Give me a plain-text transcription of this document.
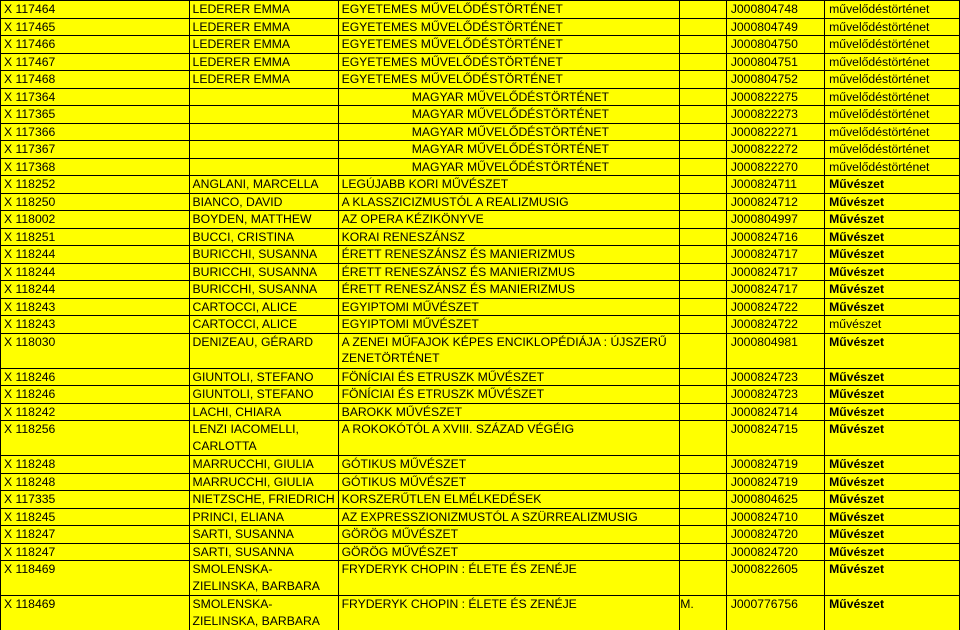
X 117464	LEDERER EMMA	EGYETEMES MŰVELŐDÉSTÖRTÉNET		J000804748	művelődéstörténet

X 117465	LEDERER EMMA	EGYETEMES MŰVELŐDÉSTÖRTÉNET		J000804749	művelődéstörténet

X 117466	LEDERER EMMA	EGYETEMES MŰVELŐDÉSTÖRTÉNET		J000804750	művelődéstörténet

X 117467	LEDERER EMMA	EGYETEMES MŰVELŐDÉSTÖRTÉNET		J000804751	művelődéstörténet

X 117468	LEDERER EMMA	EGYETEMES MŰVELŐDÉSTÖRTÉNET		J000804752	művelődéstörténet

X 117364		MAGYAR MŰVELŐDÉSTÖRTÉNET		J000822275	művelődéstörténet

X 117365		MAGYAR MŰVELŐDÉSTÖRTÉNET		J000822273	művelődéstörténet

X 117366		MAGYAR MŰVELŐDÉSTÖRTÉNET		J000822271	művelődéstörténet

X 117367		MAGYAR MŰVELŐDÉSTÖRTÉNET		J000822272	művelődéstörténet

X 117368		MAGYAR MŰVELŐDÉSTÖRTÉNET		J000822270	művelődéstörténet

X 118252	ANGLANI, MARCELLA	LEGÚJABB KORI MŰVÉSZET		J000824711	Művészet

X 118250	BIANCO, DAVID	A KLASSZICIZMUSTÓL A REALIZMUSIG		J000824712	Művészet

X 118002	BOYDEN, MATTHEW	AZ OPERA KÉZIKÖNYVE		J000804997	Művészet

X 118251	BUCCI, CRISTINA	KORAI RENESZÁNSZ		J000824716	Művészet

X 118244	BURICCHI, SUSANNA	ÉRETT RENESZÁNSZ ÉS MANIERIZMUS		J000824717	Művészet

X 118244	BURICCHI, SUSANNA	ÉRETT RENESZÁNSZ ÉS MANIERIZMUS		J000824717	Művészet

X 118244	BURICCHI, SUSANNA	ÉRETT RENESZÁNSZ ÉS MANIERIZMUS		J000824717	Művészet

X 118243	CARTOCCI, ALICE	EGYIPTOMI MŰVÉSZET		J000824722	Művészet

X 118243	CARTOCCI, ALICE	EGYIPTOMI MŰVÉSZET		J000824722	művészet

X 118030	DENIZEAU, GÉRARD	A ZENEI MŰFAJOK KÉPES ENCIKLOPÉDIÁJA : ÚJSZERŰ ZENETÖRTÉNET		J000804981	Művészet

X 118246	GIUNTOLI, STEFANO	FÖNÍCIAI ÉS ETRUSZK MŰVÉSZET		J000824723	Művészet

X 118246	GIUNTOLI, STEFANO	FÖNÍCIAI ÉS ETRUSZK MŰVÉSZET		J000824723	Művészet

X 118242	LACHI, CHIARA	BAROKK MŰVÉSZET		J000824714	Művészet

X 118256	LENZI IACOMELLI, CARLOTTA	A ROKOKÓTÓL A XVIII. SZÁZAD VÉGÉIG		J000824715	Művészet

X 118248	MARRUCCHI, GIULIA	GÓTIKUS MŰVÉSZET		J000824719	Művészet

X 118248	MARRUCCHI, GIULIA	GÓTIKUS MŰVÉSZET		J000824719	Művészet

X 117335	NIETZSCHE, FRIEDRICH	KORSZERŰTLEN ELMÉLKEDÉSEK		J000804625	Művészet

X 118245	PRINCI, ELIANA	AZ EXPRESSZIONIZMUSTÓL A SZÜRREALIZMUSIG		J000824710	Művészet

X 118247	SARTI, SUSANNA	GÖRÖG MŰVÉSZET		J000824720	Művészet

X 118247	SARTI, SUSANNA	GÖRÖG MŰVÉSZET		J000824720	Művészet

X 118469	SMOLENSKA-ZIELINSKA, BARBARA	FRYDERYK CHOPIN : ÉLETE ÉS ZENÉJE		J000822605	Művészet

X 118469	SMOLENSKA-ZIELINSKA, BARBARA	FRYDERYK CHOPIN : ÉLETE ÉS ZENÉJE	M.	J000776756	Művészet
